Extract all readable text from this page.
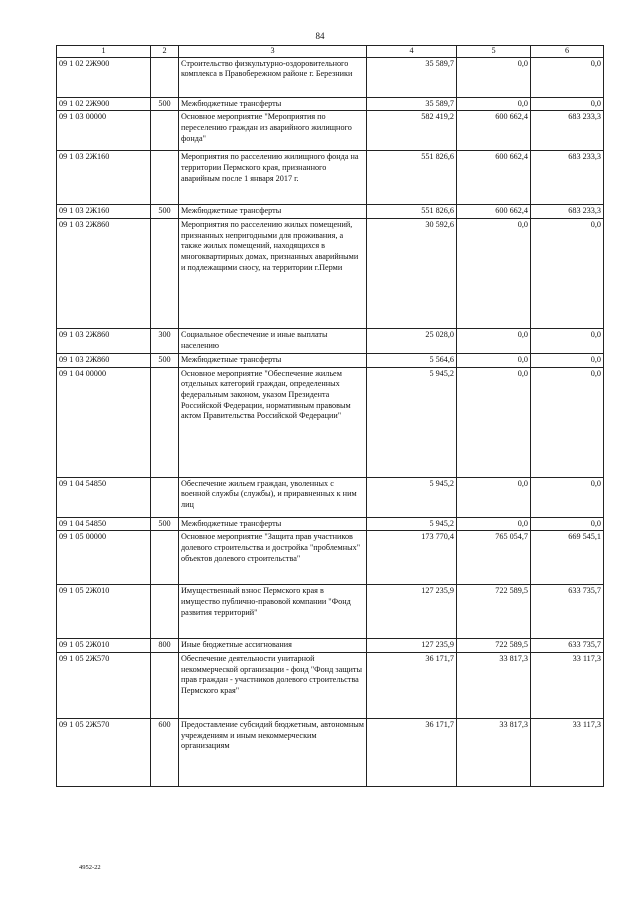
84
1	2	3	4	5	6
09 1 02 2Ж900		Строительство физкультурно-оздоровительного комплекса в Правобережном районе г. Березники	35 589,7	0,0	0,0
09 1 02 2Ж900	500	Межбюджетные трансферты	35 589,7	0,0	0,0
09 1 03 00000		Основное мероприятие "Мероприятия по переселению граждан из аварийного жилищного фонда"	582 419,2	600 662,4	683 233,3
09 1 03 2Ж160		Мероприятия по расселению жилищного фонда на территории Пермского края, признанного аварийным после 1 января 2017 г.	551 826,6	600 662,4	683 233,3
09 1 03 2Ж160	500	Межбюджетные трансферты	551 826,6	600 662,4	683 233,3
09 1 03 2Ж860		Мероприятия по расселению жилых помещений, признанных непригодными для проживания, а также жилых помещений, находящихся в многоквартирных домах, признанных аварийными и подлежащими сносу, на территории г.Перми	30 592,6	0,0	0,0
09 1 03 2Ж860	300	Социальное обеспечение и иные выплаты населению	25 028,0	0,0	0,0
09 1 03 2Ж860	500	Межбюджетные трансферты	5 564,6	0,0	0,0
09 1 04 00000		Основное мероприятие "Обеспечение жильем отдельных категорий граждан, определенных федеральным законом, указом Президента Российской Федерации, нормативным правовым актом Правительства Российской Федерации"	5 945,2	0,0	0,0
09 1 04 54850		Обеспечение жильем граждан, уволенных с военной службы (службы), и приравненных к ним лиц	5 945,2	0,0	0,0
09 1 04 54850	500	Межбюджетные трансферты	5 945,2	0,0	0,0
09 1 05 00000		Основное мероприятие "Защита прав участников долевого строительства и достройка "проблемных" объектов долевого строительства"	173 770,4	765 054,7	669 545,1
09 1 05 2Ж010		Имущественный взнос Пермского края в имущество публично-правовой компании "Фонд развития территорий"	127 235,9	722 589,5	633 735,7
09 1 05 2Ж010	800	Иные бюджетные ассигнования	127 235,9	722 589,5	633 735,7
09 1 05 2Ж570		Обеспечение деятельности унитарной некоммерческой организации - фонд "Фонд защиты прав граждан - участников долевого строительства Пермского края"	36 171,7	33 817,3	33 117,3
09 1 05 2Ж570	600	Предоставление субсидий бюджетным, автономным учреждениям и иным некоммерческим организациям	36 171,7	33 817,3	33 117,3
4952-22
